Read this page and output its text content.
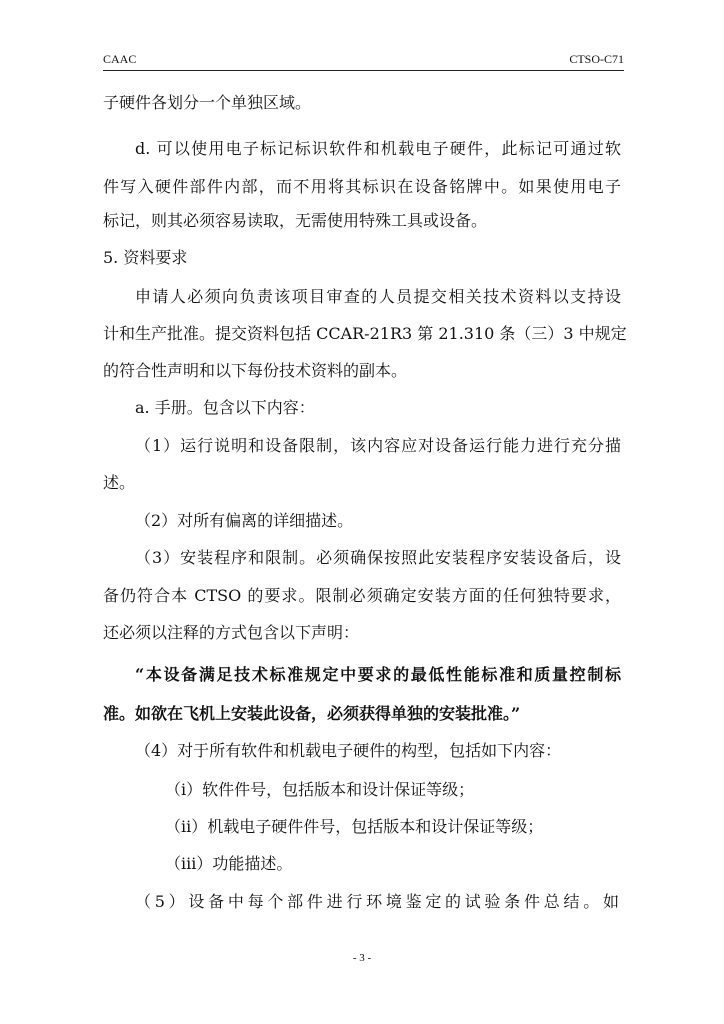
CAAC	CTSO-C71
子硬件各划分一个单独区域。
d. 可以使用电子标记标识软件和机载电子硬件，此标记可通过软
件写入硬件部件内部，而不用将其标识在设备铭牌中。如果使用电子
标记，则其必须容易读取，无需使用特殊工具或设备。
5. 资料要求
申请人必须向负责该项目审查的人员提交相关技术资料以支持设
计和生产批准。提交资料包括 CCAR-21R3 第 21.310 条（三）3 中规定
的符合性声明和以下每份技术资料的副本。
a. 手册。包含以下内容：
（1）运行说明和设备限制，该内容应对设备运行能力进行充分描
述。
（2）对所有偏离的详细描述。
（3）安装程序和限制。必须确保按照此安装程序安装设备后，设
备仍符合本 CTSO 的要求。限制必须确定安装方面的任何独特要求，
还必须以注释的方式包含以下声明：
“本设备满足技术标准规定中要求的最低性能标准和质量控制标
准。如欲在飞机上安装此设备，必须获得单独的安装批准。”
（4）对于所有软件和机载电子硬件的构型，包括如下内容：
（i）软件件号，包括版本和设计保证等级；
（ii）机载电子硬件件号，包括版本和设计保证等级；
（iii）功能描述。
（5）设备中每个部件进行环境鉴定的试验条件总结。如
- 3 -
